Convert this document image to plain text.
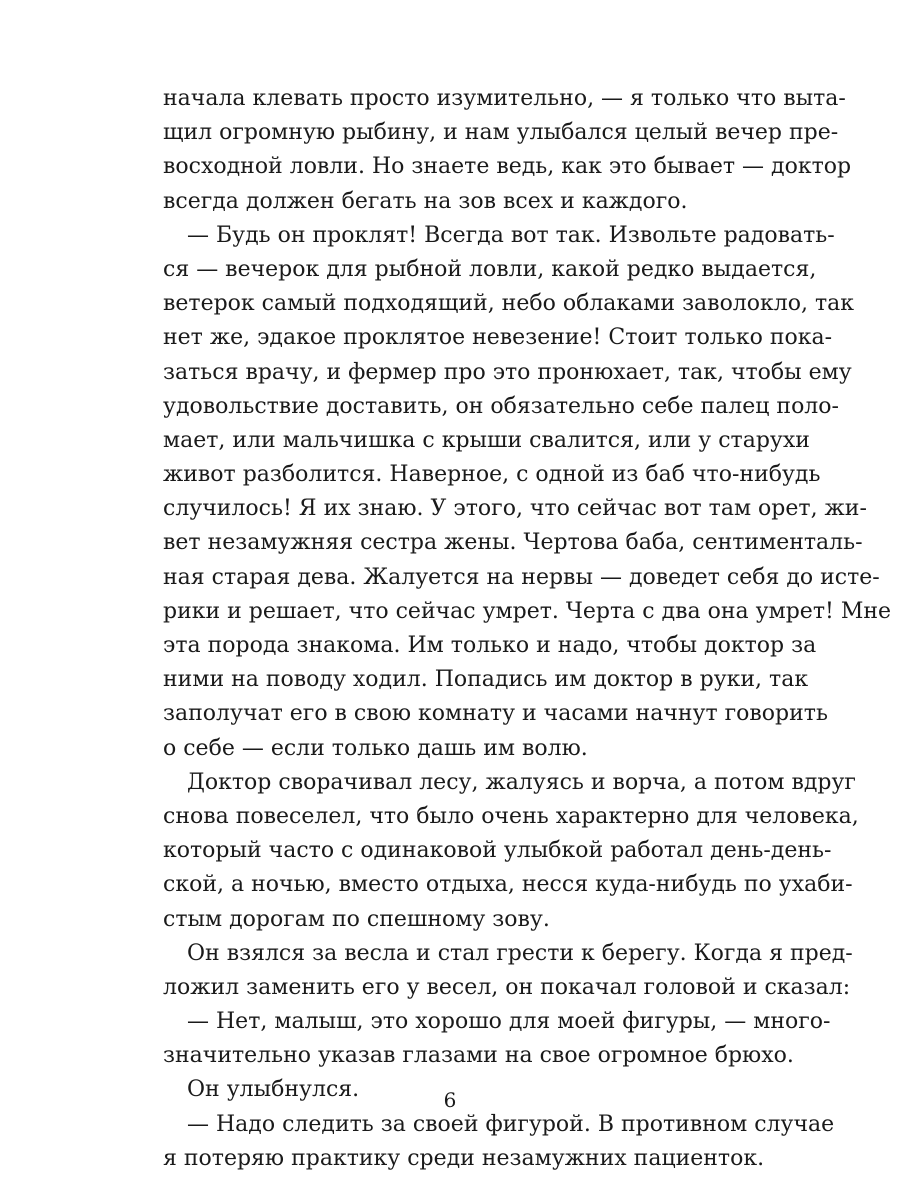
начала клевать просто изумительно, — я только что выта-
щил огромную рыбину, и нам улыбался целый вечер пре-
восходной ловли. Но знаете ведь, как это бывает — доктор
всегда должен бегать на зов всех и каждого.
— Будь он проклят! Всегда вот так. Извольте радовать-
ся — вечерок для рыбной ловли, какой редко выдается,
ветерок самый подходящий, небо облаками заволокло, так
нет же, эдакое проклятое невезение! Стоит только пока-
заться врачу, и фермер про это пронюхает, так, чтобы ему
удовольствие доставить, он обязательно себе палец поло-
мает, или мальчишка с крыши свалится, или у старухи
живот разболится. Наверное, с одной из баб что-нибудь
случилось! Я их знаю. У этого, что сейчас вот там орет, жи-
вет незамужняя сестра жены. Чертова баба, сентименталь-
ная старая дева. Жалуется на нервы — доведет себя до исте-
рики и решает, что сейчас умрет. Черта с два она умрет! Мне
эта порода знакома. Им только и надо, чтобы доктор за
ними на поводу ходил. Попадись им доктор в руки, так
заполучат его в свою комнату и часами начнут говорить
о себе — если только дашь им волю.
Доктор сворачивал лесу, жалуясь и ворча, а потом вдруг
снова повеселел, что было очень характерно для человека,
который часто с одинаковой улыбкой работал день-день-
ской, а ночью, вместо отдыха, несся куда-нибудь по ухаби-
стым дорогам по спешному зову.
Он взялся за весла и стал грести к берегу. Когда я пред-
ложил заменить его у весел, он покачал головой и сказал:
— Нет, малыш, это хорошо для моей фигуры, — много-
значительно указав глазами на свое огромное брюхо.
Он улыбнулся.
— Надо следить за своей фигурой. В противном случае
я потеряю практику среди незамужних пациенток.
6
